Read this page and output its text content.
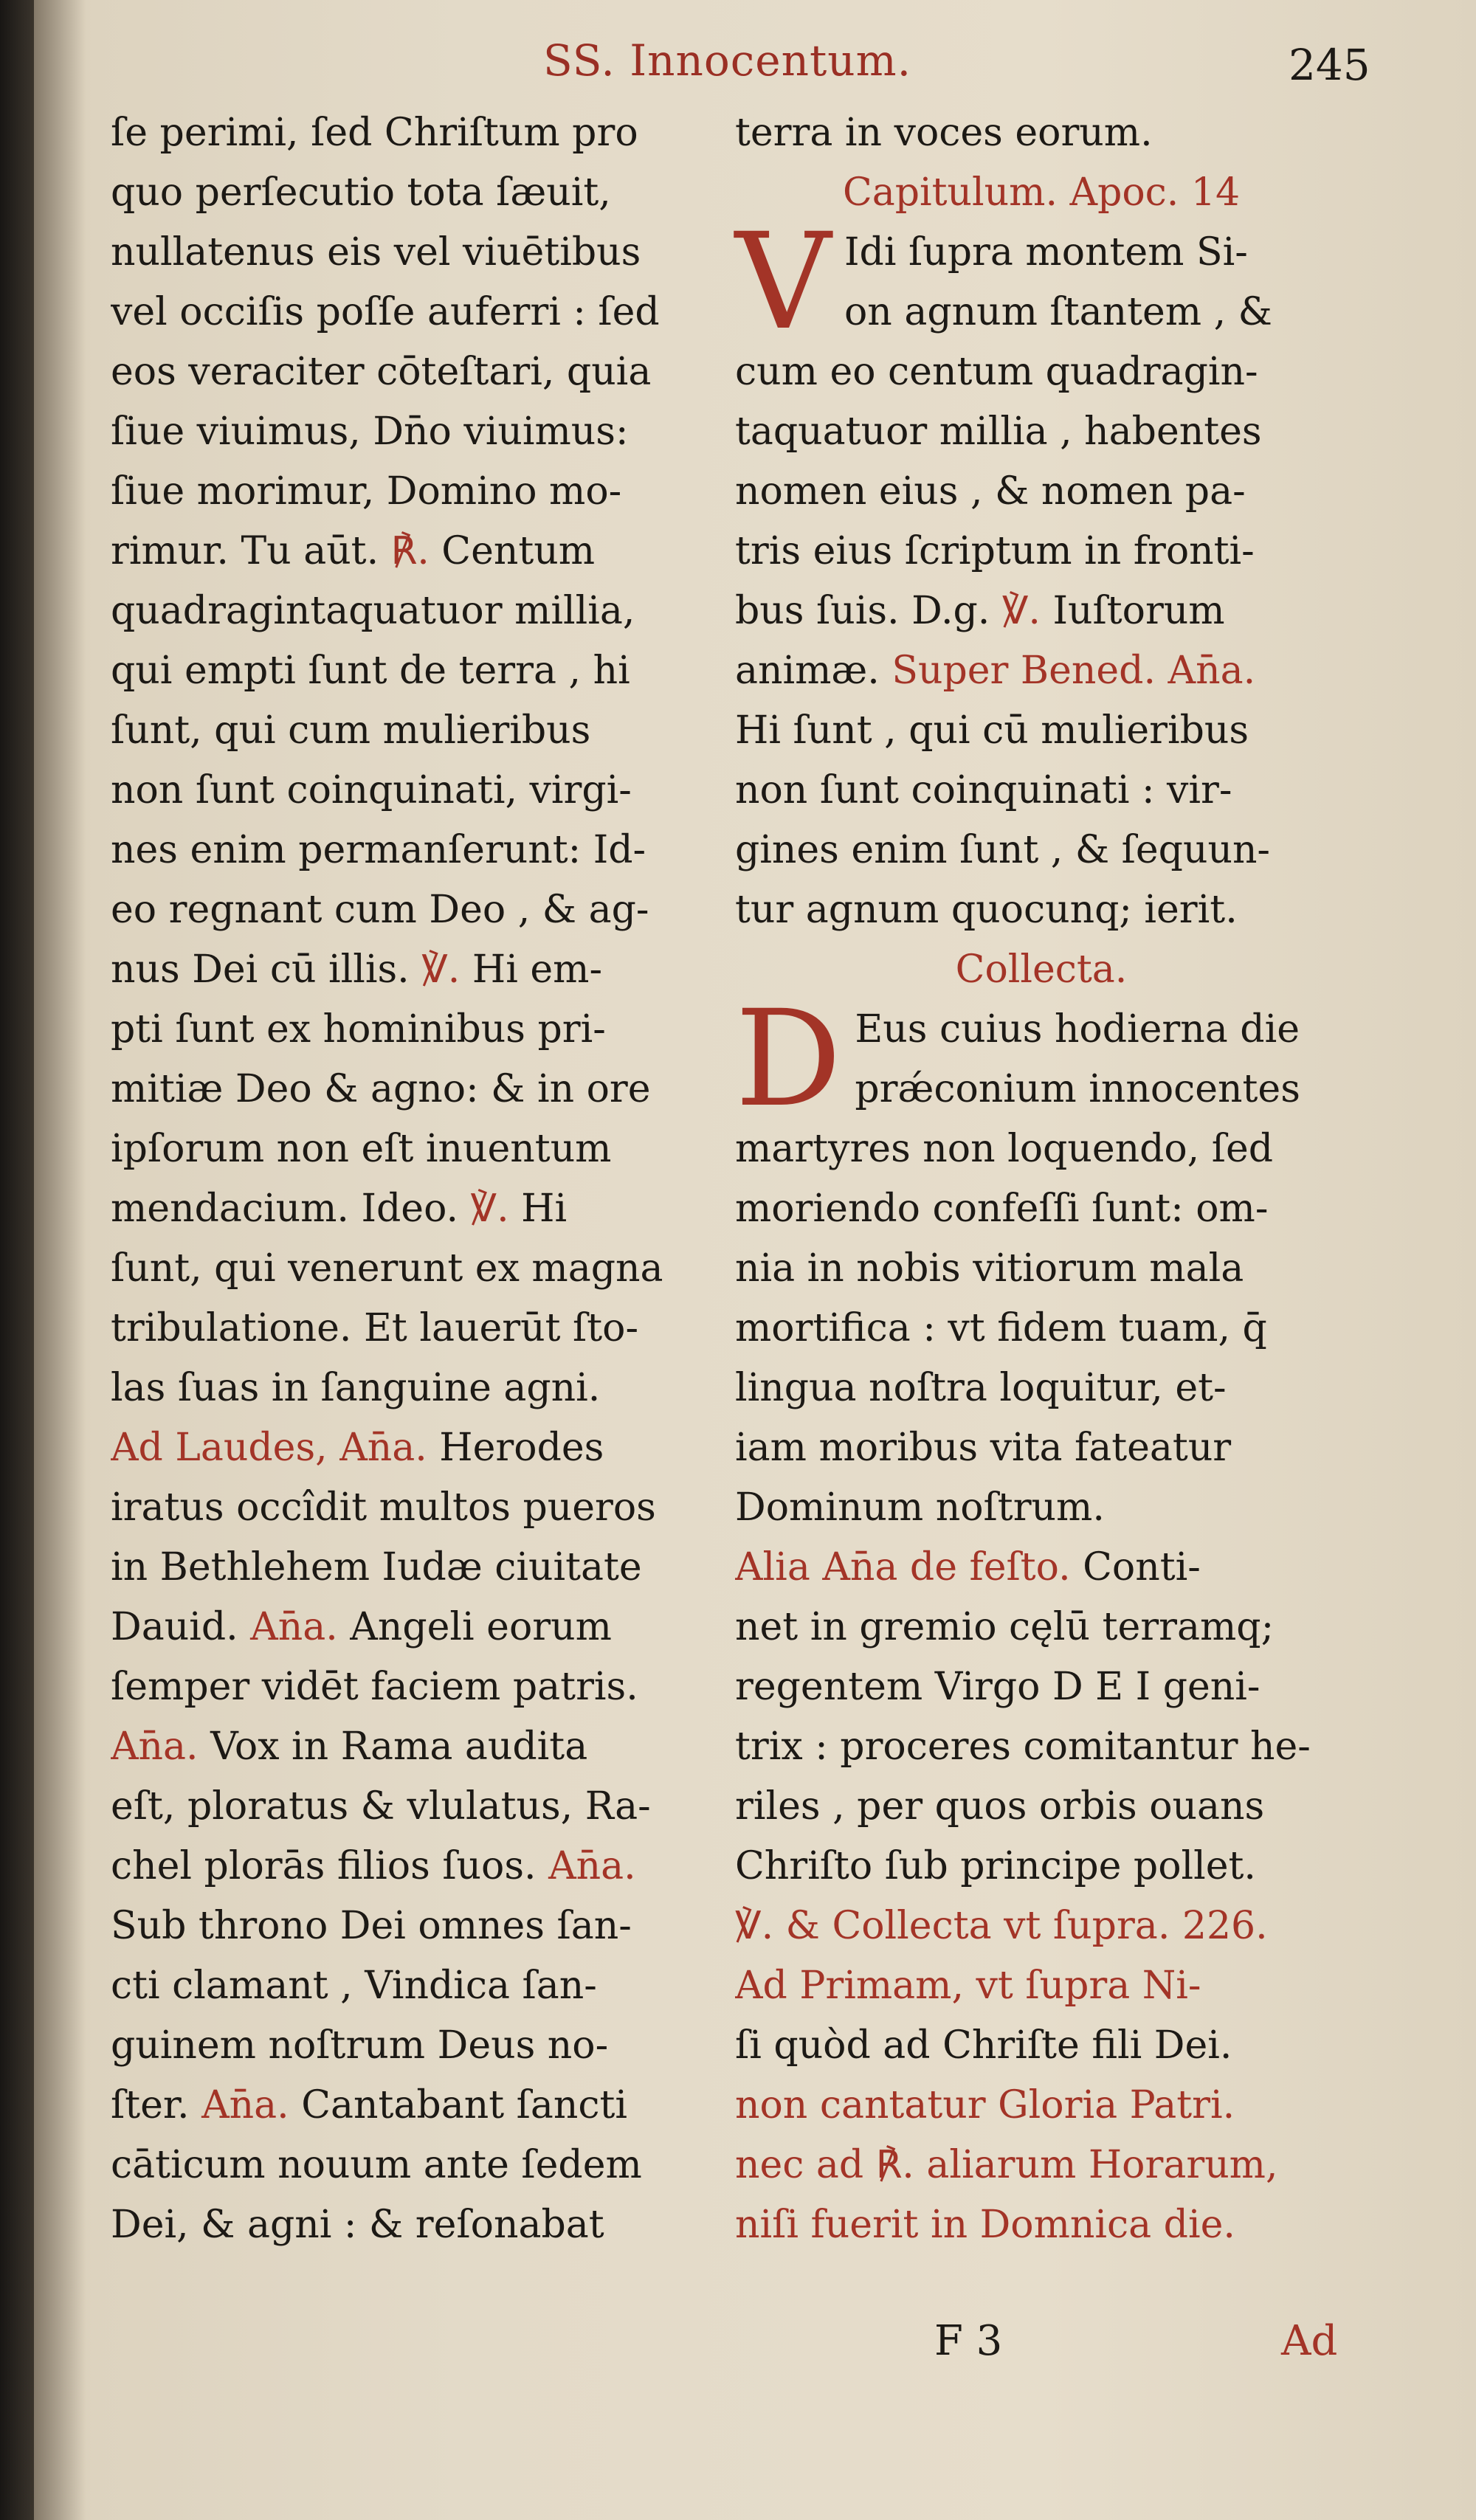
SS. Innocentum.	245
ſe perimi, ſed Chriſtum pro
quo perſecutio tota ſæuit,
nullatenus eis vel viuētibus
vel occiſis poſſe auferri : ſed
eos veraciter cōteſtari, quia
ſiue viuimus, Dn̄o viuimus:
ſiue morimur, Domino mo-
rimur. Tu aūt. ℟. Centum
quadragintaquatuor millia,
qui empti ſunt de terra , hi
ſunt, qui cum mulieribus
non ſunt coinquinati, virgi-
nes enim permanſerunt: Id-
eo regnant cum Deo , & ag-
nus Dei cū illis. ℣. Hi em-
pti ſunt ex hominibus pri-
mitiæ Deo & agno: & in ore
ipſorum non eſt inuentum
mendacium. Ideo. ℣. Hi
ſunt, qui venerunt ex magna
tribulatione. Et lauerūt ſto-
las ſuas in ſanguine agni.
Ad Laudes, An̄a. Herodes
iratus occîdit multos pueros
in Bethlehem Iudæ ciuitate
Dauid. An̄a. Angeli eorum
ſemper vidēt faciem patris.
An̄a. Vox in Rama audita
eſt, ploratus & vlulatus, Ra-
chel plorās filios ſuos. An̄a.
Sub throno Dei omnes ſan-
cti clamant , Vindica ſan-
guinem noſtrum Deus no-
ſter. An̄a. Cantabant ſancti
cāticum nouum ante ſedem
Dei, & agni : & reſonabat
terra in voces eorum.
Capitulum. Apoc. 14
V Idi ſupra montem Si-
on agnum ſtantem , &
cum eo centum quadragin-
taquatuor millia , habentes
nomen eius , & nomen pa-
tris eius ſcriptum in fronti-
bus ſuis. D.g. ℣. Iuſtorum
animæ. Super Bened. An̄a.
Hi ſunt , qui cū mulieribus
non ſunt coinquinati : vir-
gines enim ſunt , & ſequun-
tur agnum quocunq; ierit.
Collecta.
D Eus cuius hodierna die
prǽconium innocentes
martyres non loquendo, ſed
moriendo confeſſi ſunt: om-
nia in nobis vitiorum mala
mortifica : vt fidem tuam, q̄
lingua noſtra loquitur, et-
iam moribus vita fateatur
Dominum noſtrum.
Alia An̄a de feſto. Conti-
net in gremio cęlū terramq;
regentem Virgo D E I geni-
trix : proceres comitantur he-
riles , per quos orbis ouans
Chriſto ſub principe pollet.
℣. & Collecta vt ſupra. 226.
Ad Primam, vt ſupra Ni-
ſi quòd ad Chriſte fili Dei.
non cantatur Gloria Patri.
nec ad ℟. aliarum Horarum,
niſi fuerit in Domnica die.
F 3	Ad
